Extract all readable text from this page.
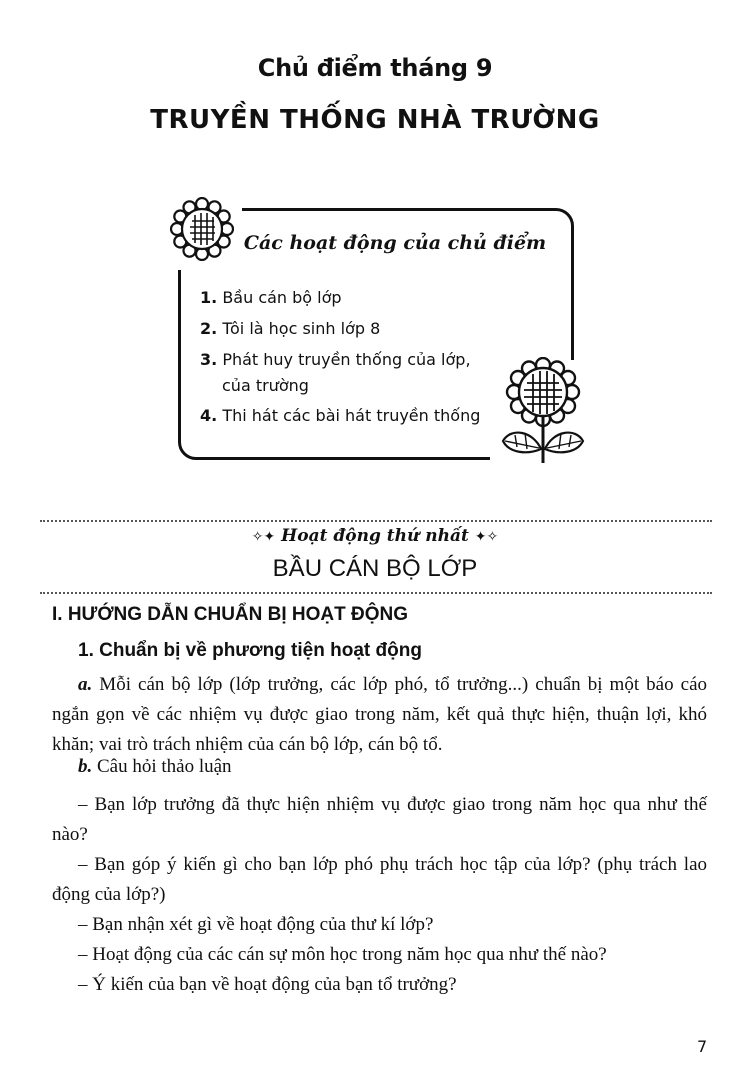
Chủ điểm tháng 9
TRUYỀN THỐNG NHÀ TRƯỜNG
Các hoạt động của chủ điểm
1. Bầu cán bộ lớp
2. Tôi là học sinh lớp 8
3. Phát huy truyền thống của lớp,
của trường
4. Thi hát các bài hát truyền thống
✧✦ Hoạt động thứ nhất ✦✧
BẦU CÁN BỘ LỚP
I. HƯỚNG DẪN CHUẨN BỊ HOẠT ĐỘNG
1. Chuẩn bị về phương tiện hoạt động
a. Mỗi cán bộ lớp (lớp trưởng, các lớp phó, tổ trưởng...) chuẩn bị một báo cáo ngắn gọn về các nhiệm vụ được giao trong năm, kết quả thực hiện, thuận lợi, khó khăn; vai trò trách nhiệm của cán bộ lớp, cán bộ tổ.
b. Câu hỏi thảo luận
– Bạn lớp trưởng đã thực hiện nhiệm vụ được giao trong năm học qua như thế nào?
– Bạn góp ý kiến gì cho bạn lớp phó phụ trách học tập của lớp? (phụ trách lao động của lớp?)
– Bạn nhận xét gì về hoạt động của thư kí lớp?
– Hoạt động của các cán sự môn học trong năm học qua như thế nào?
– Ý kiến của bạn về hoạt động của bạn tổ trưởng?
7
